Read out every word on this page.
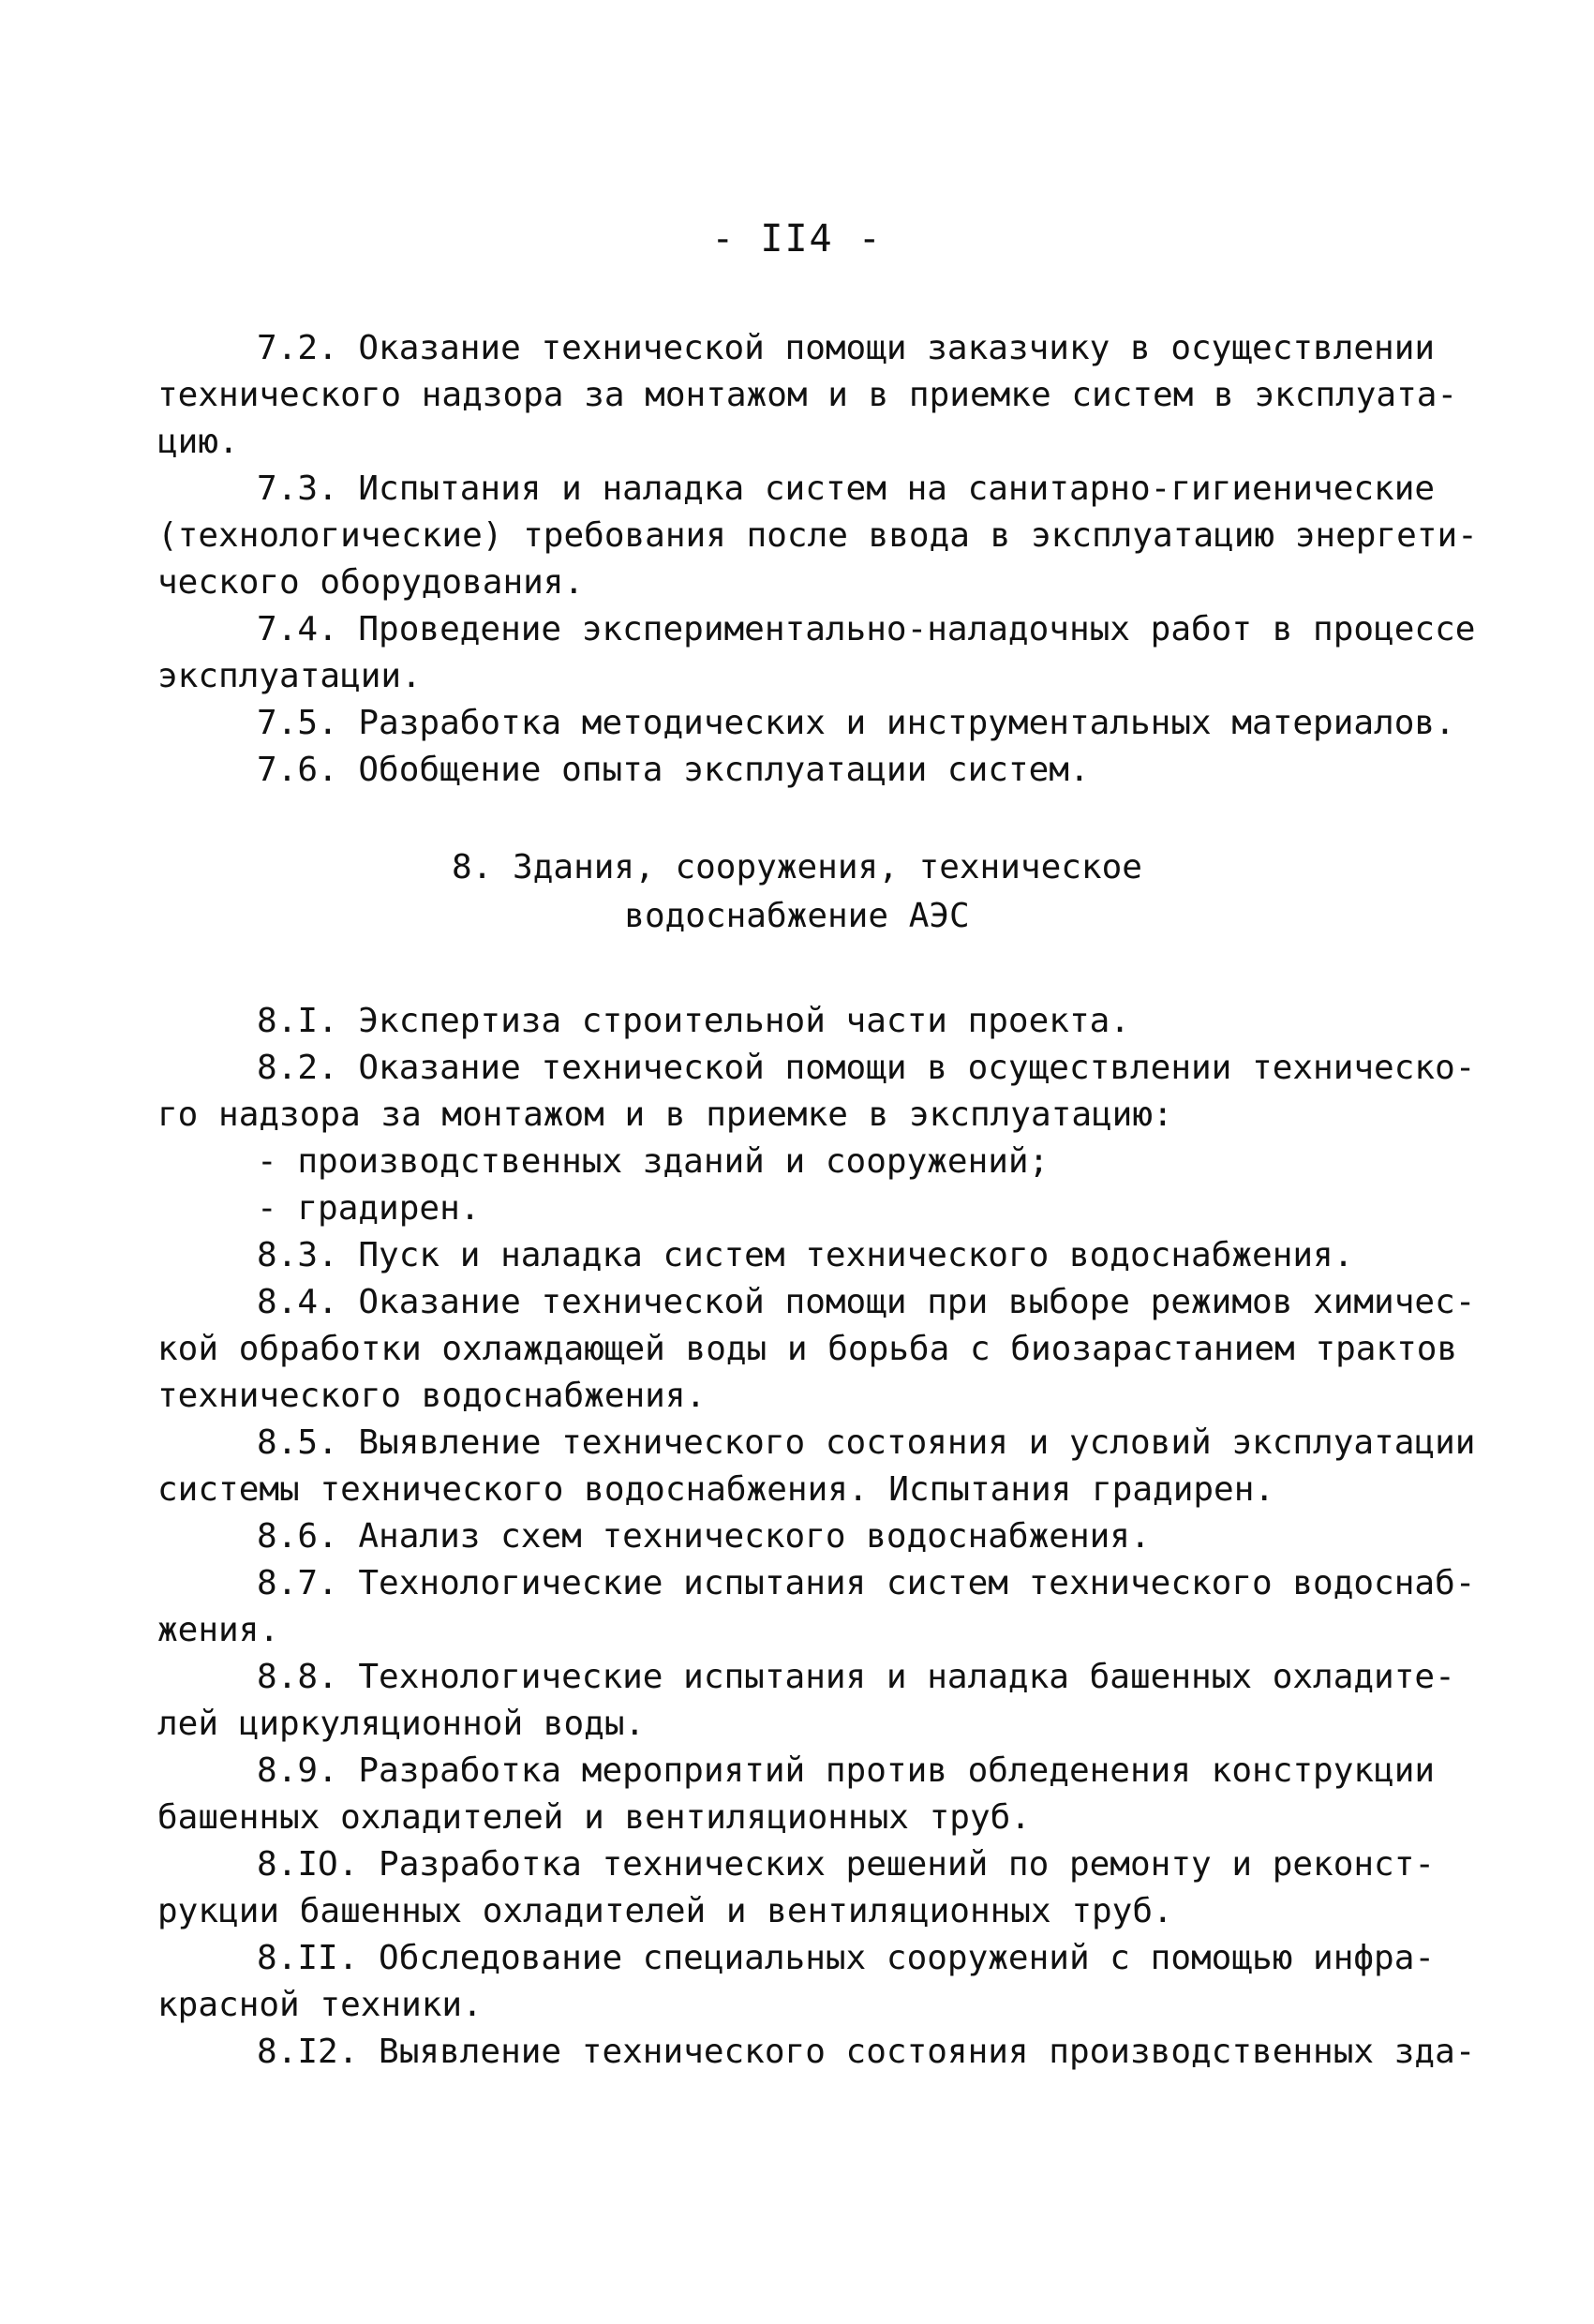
- II4 -
7.2. Оказание технической помощи заказчику в осуществлении
технического надзора за монтажом и в приемке систем в эксплуата-
цию.
7.3. Испытания и наладка систем на санитарно-гигиенические
(технологические) требования после ввода в эксплуатацию энергети-
ческого оборудования.
7.4. Проведение экспериментально-наладочных работ в процессе
эксплуатации.
7.5. Разработка методических и инструментальных материалов.
7.6. Обобщение опыта эксплуатации систем.
8. Здания, сооружения, техническое
водоснабжение АЭС
8.I. Экспертиза строительной части проекта.
8.2. Оказание технической помощи в осуществлении техническо-
го надзора за монтажом и в приемке в эксплуатацию:
- производственных зданий и сооружений;
- градирен.
8.3. Пуск и наладка систем технического водоснабжения.
8.4. Оказание технической помощи при выборе режимов химичес-
кой обработки охлаждающей воды и борьба с биозарастанием трактов
технического водоснабжения.
8.5. Выявление технического состояния и условий эксплуатации
системы технического водоснабжения. Испытания градирен.
8.6. Анализ схем технического водоснабжения.
8.7. Технологические испытания систем технического водоснаб-
жения.
8.8. Технологические испытания и наладка башенных охладите-
лей циркуляционной воды.
8.9. Разработка мероприятий против обледенения конструкции
башенных охладителей и вентиляционных труб.
8.IO. Разработка технических решений по ремонту и реконст-
рукции башенных охладителей и вентиляционных труб.
8.II. Обследование специальных сооружений с помощью инфра-
красной техники.
8.I2. Выявление технического состояния производственных зда-
